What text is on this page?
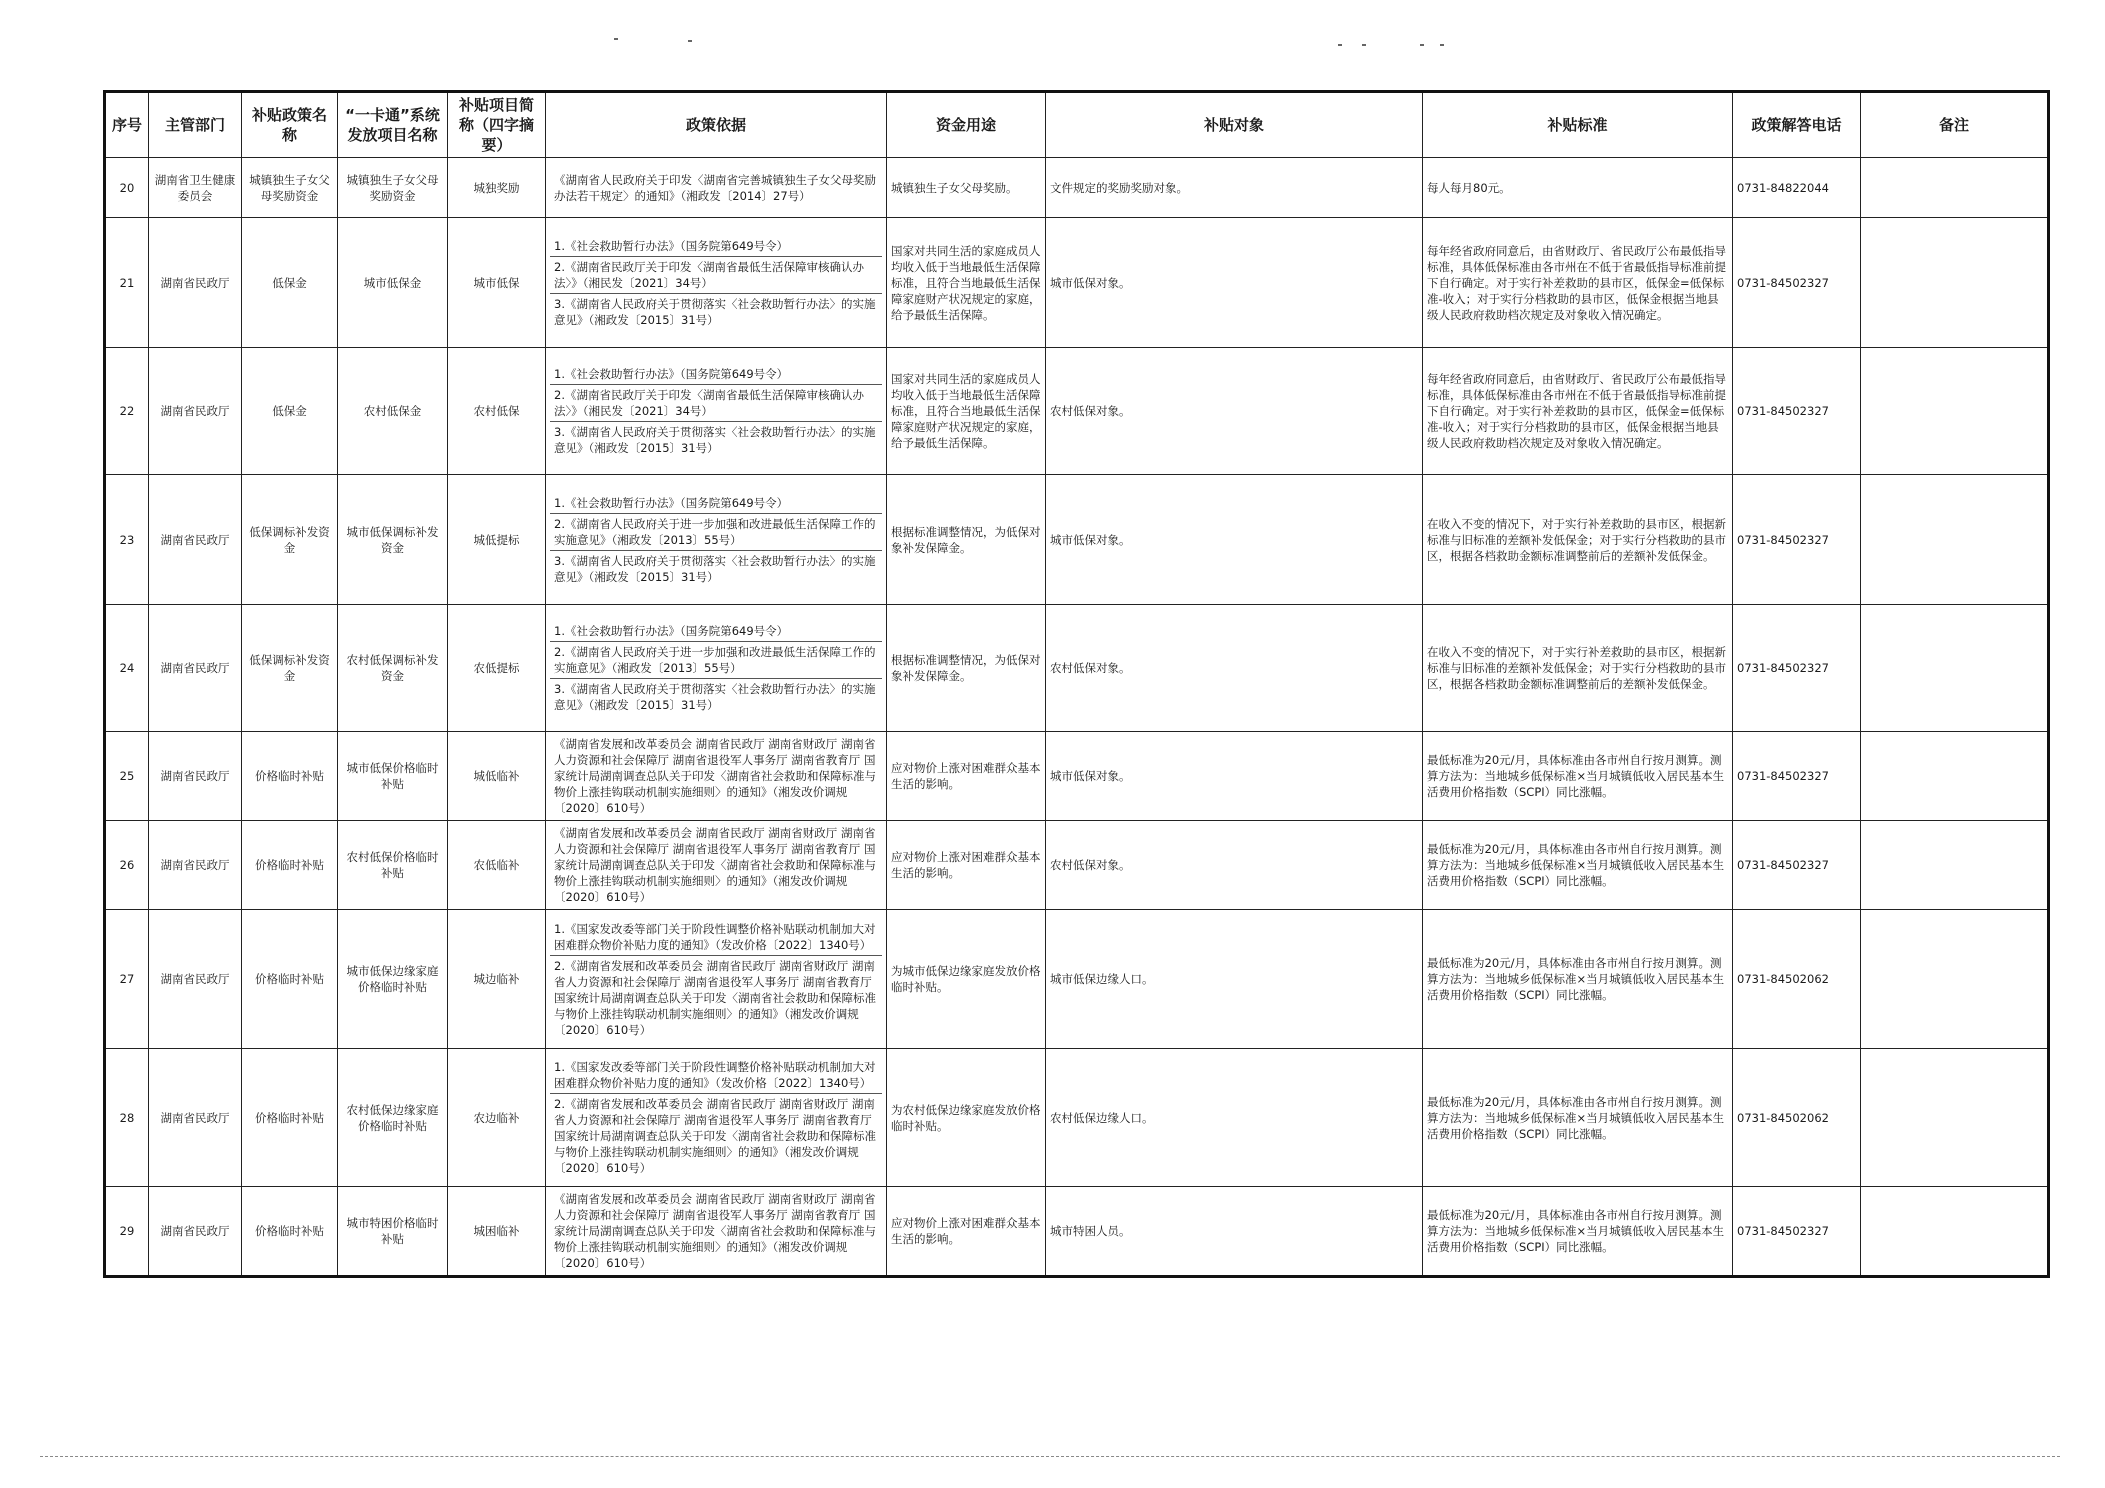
序号	主管部门	补贴政策名称	“一卡通”系统发放项目名称	补贴项目简称（四字摘要）	政策依据	资金用途	补贴对象	补贴标准	政策解答电话	备注
20	湖南省卫生健康委员会	城镇独生子女父母奖励资金	城镇独生子女父母奖励资金	城独奖励	《湖南省人民政府关于印发〈湖南省完善城镇独生子女父母奖励办法若干规定〉的通知》（湘政发〔2014〕27号）	城镇独生子女父母奖励。	文件规定的奖励奖励对象。	每人每月80元。	0731-84822044	
21	湖南省民政厅	低保金	城市低保金	城市低保	1.《社会救助暂行办法》（国务院第649号令）
2.《湖南省民政厅关于印发〈湖南省最低生活保障审核确认办法〉》（湘民发〔2021〕34号）
3.《湖南省人民政府关于贯彻落实〈社会救助暂行办法〉的实施意见》（湘政发〔2015〕31号）	国家对共同生活的家庭成员人均收入低于当地最低生活保障标准，且符合当地最低生活保障家庭财产状况规定的家庭，给予最低生活保障。	城市低保对象。	每年经省政府同意后，由省财政厅、省民政厅公布最低指导标准，具体低保标准由各市州在不低于省最低指导标准前提下自行确定。对于实行补差救助的县市区，低保金=低保标准-收入；对于实行分档救助的县市区，低保金根据当地县级人民政府救助档次规定及对象收入情况确定。	0731-84502327	
22	湖南省民政厅	低保金	农村低保金	农村低保	1.《社会救助暂行办法》（国务院第649号令）
2.《湖南省民政厅关于印发〈湖南省最低生活保障审核确认办法〉》（湘民发〔2021〕34号）
3.《湖南省人民政府关于贯彻落实〈社会救助暂行办法〉的实施意见》（湘政发〔2015〕31号）	国家对共同生活的家庭成员人均收入低于当地最低生活保障标准，且符合当地最低生活保障家庭财产状况规定的家庭，给予最低生活保障。	农村低保对象。	每年经省政府同意后，由省财政厅、省民政厅公布最低指导标准，具体低保标准由各市州在不低于省最低指导标准前提下自行确定。对于实行补差救助的县市区，低保金=低保标准-收入；对于实行分档救助的县市区，低保金根据当地县级人民政府救助档次规定及对象收入情况确定。	0731-84502327	
23	湖南省民政厅	低保调标补发资金	城市低保调标补发资金	城低提标	1.《社会救助暂行办法》（国务院第649号令）
2.《湖南省人民政府关于进一步加强和改进最低生活保障工作的实施意见》（湘政发〔2013〕55号）
3.《湖南省人民政府关于贯彻落实〈社会救助暂行办法〉的实施意见》（湘政发〔2015〕31号）	根据标准调整情况，为低保对象补发保障金。	城市低保对象。	在收入不变的情况下，对于实行补差救助的县市区，根据新标准与旧标准的差额补发低保金；对于实行分档救助的县市区，根据各档救助金额标准调整前后的差额补发低保金。	0731-84502327	
24	湖南省民政厅	低保调标补发资金	农村低保调标补发资金	农低提标	1.《社会救助暂行办法》（国务院第649号令）
2.《湖南省人民政府关于进一步加强和改进最低生活保障工作的实施意见》（湘政发〔2013〕55号）
3.《湖南省人民政府关于贯彻落实〈社会救助暂行办法〉的实施意见》（湘政发〔2015〕31号）	根据标准调整情况，为低保对象补发保障金。	农村低保对象。	在收入不变的情况下，对于实行补差救助的县市区，根据新标准与旧标准的差额补发低保金；对于实行分档救助的县市区，根据各档救助金额标准调整前后的差额补发低保金。	0731-84502327	
25	湖南省民政厅	价格临时补贴	城市低保价格临时补贴	城低临补	《湖南省发展和改革委员会 湖南省民政厅 湖南省财政厅 湖南省人力资源和社会保障厅 湖南省退役军人事务厅 湖南省教育厅 国家统计局湖南调查总队关于印发〈湖南省社会救助和保障标准与物价上涨挂钩联动机制实施细则〉的通知》（湘发改价调规〔2020〕610号）	应对物价上涨对困难群众基本生活的影响。	城市低保对象。	最低标准为20元/月，具体标准由各市州自行按月测算。测算方法为：当地城乡低保标准×当月城镇低收入居民基本生活费用价格指数（SCPI）同比涨幅。	0731-84502327	
26	湖南省民政厅	价格临时补贴	农村低保价格临时补贴	农低临补	《湖南省发展和改革委员会 湖南省民政厅 湖南省财政厅 湖南省人力资源和社会保障厅 湖南省退役军人事务厅 湖南省教育厅 国家统计局湖南调查总队关于印发〈湖南省社会救助和保障标准与物价上涨挂钩联动机制实施细则〉的通知》（湘发改价调规〔2020〕610号）	应对物价上涨对困难群众基本生活的影响。	农村低保对象。	最低标准为20元/月，具体标准由各市州自行按月测算。测算方法为：当地城乡低保标准×当月城镇低收入居民基本生活费用价格指数（SCPI）同比涨幅。	0731-84502327	
27	湖南省民政厅	价格临时补贴	城市低保边缘家庭价格临时补贴	城边临补	1.《国家发改委等部门关于阶段性调整价格补贴联动机制加大对困难群众物价补贴力度的通知》（发改价格〔2022〕1340号）
2.《湖南省发展和改革委员会 湖南省民政厅 湖南省财政厅 湖南省人力资源和社会保障厅 湖南省退役军人事务厅 湖南省教育厅 国家统计局湖南调查总队关于印发〈湖南省社会救助和保障标准与物价上涨挂钩联动机制实施细则〉的通知》（湘发改价调规〔2020〕610号）	为城市低保边缘家庭发放价格临时补贴。	城市低保边缘人口。	最低标准为20元/月，具体标准由各市州自行按月测算。测算方法为：当地城乡低保标准×当月城镇低收入居民基本生活费用价格指数（SCPI）同比涨幅。	0731-84502062	
28	湖南省民政厅	价格临时补贴	农村低保边缘家庭价格临时补贴	农边临补	1.《国家发改委等部门关于阶段性调整价格补贴联动机制加大对困难群众物价补贴力度的通知》（发改价格〔2022〕1340号）
2.《湖南省发展和改革委员会 湖南省民政厅 湖南省财政厅 湖南省人力资源和社会保障厅 湖南省退役军人事务厅 湖南省教育厅 国家统计局湖南调查总队关于印发〈湖南省社会救助和保障标准与物价上涨挂钩联动机制实施细则〉的通知》（湘发改价调规〔2020〕610号）	为农村低保边缘家庭发放价格临时补贴。	农村低保边缘人口。	最低标准为20元/月，具体标准由各市州自行按月测算。测算方法为：当地城乡低保标准×当月城镇低收入居民基本生活费用价格指数（SCPI）同比涨幅。	0731-84502062	
29	湖南省民政厅	价格临时补贴	城市特困价格临时补贴	城困临补	《湖南省发展和改革委员会 湖南省民政厅 湖南省财政厅 湖南省人力资源和社会保障厅 湖南省退役军人事务厅 湖南省教育厅 国家统计局湖南调查总队关于印发〈湖南省社会救助和保障标准与物价上涨挂钩联动机制实施细则〉的通知》（湘发改价调规〔2020〕610号）	应对物价上涨对困难群众基本生活的影响。	城市特困人员。	最低标准为20元/月，具体标准由各市州自行按月测算。测算方法为：当地城乡低保标准×当月城镇低收入居民基本生活费用价格指数（SCPI）同比涨幅。	0731-84502327	
